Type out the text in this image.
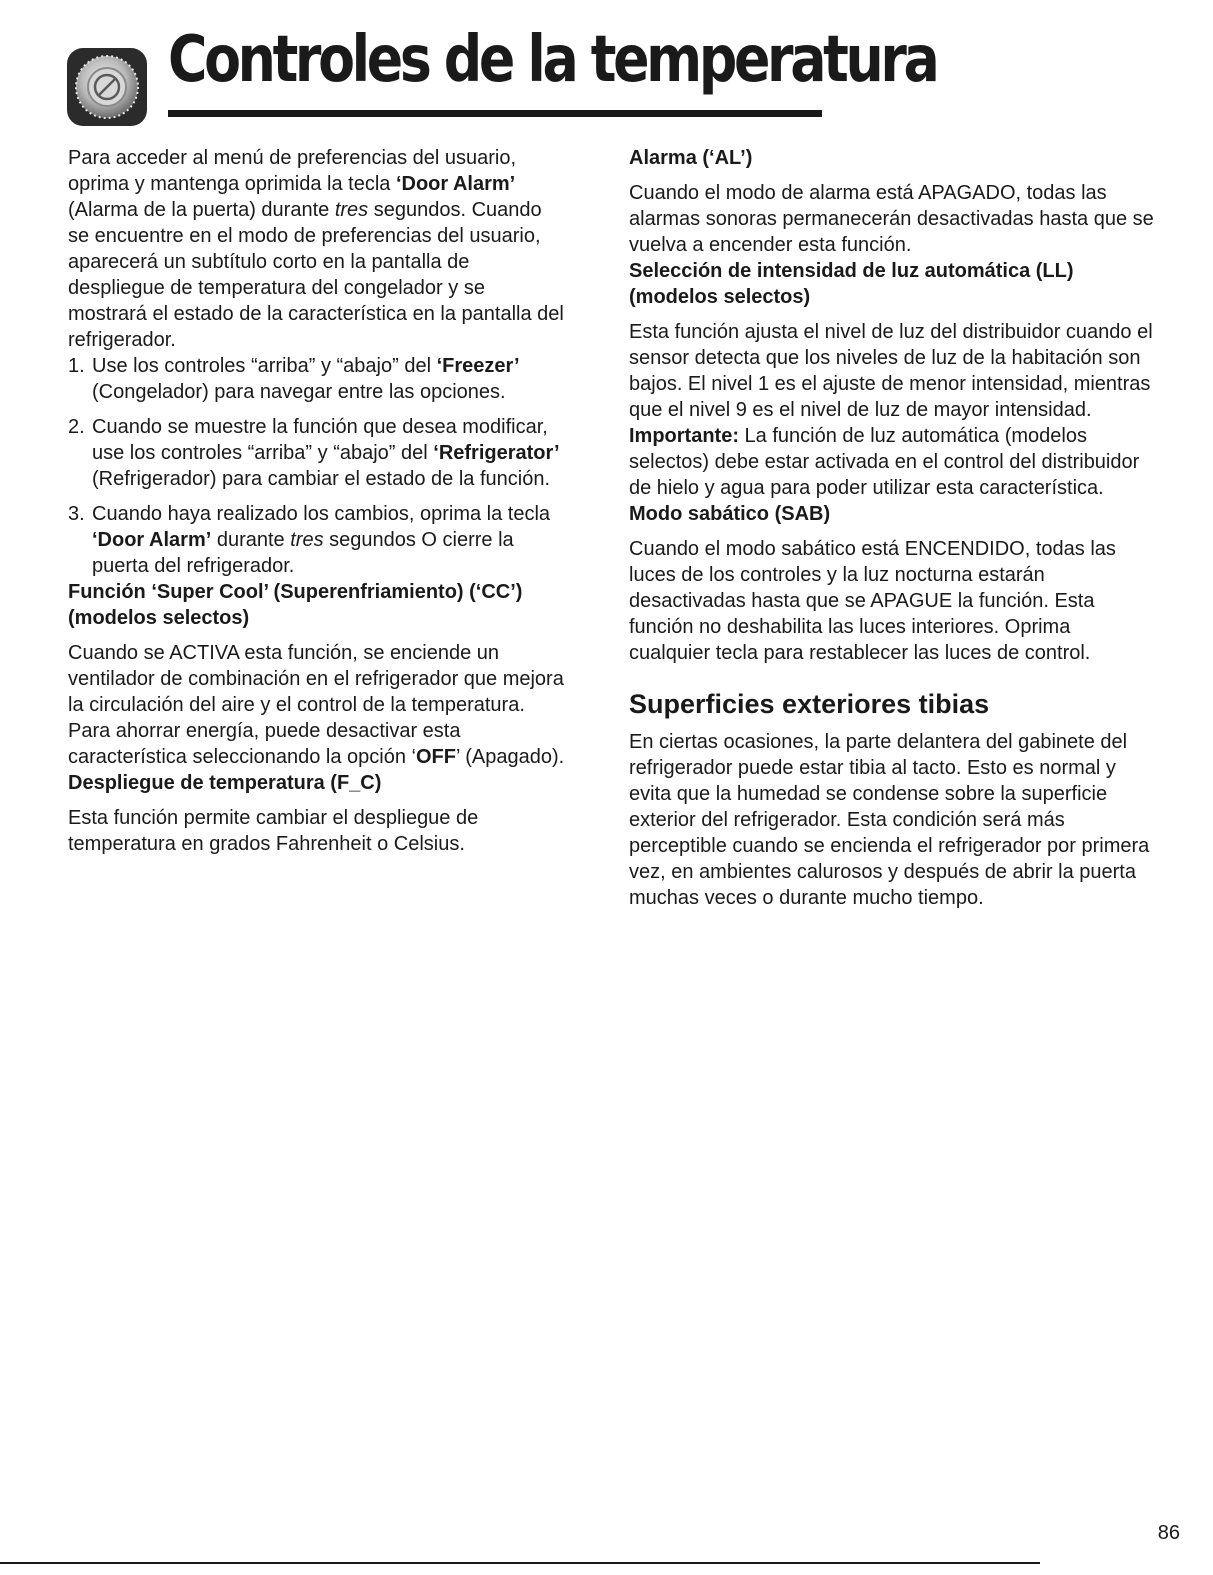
Controles de la temperatura

Para acceder al menú de preferencias del usuario, oprima y mantenga oprimida la tecla ‘Door Alarm’ (Alarma de la puerta) durante tres segundos. Cuando se encuentre en el modo de preferencias del usuario, aparecerá un subtítulo corto en la pantalla de despliegue de temperatura del congelador y se mostrará el estado de la característica en la pantalla del refrigerador.

1. Use los controles “arriba” y “abajo” del ‘Freezer’ (Congelador) para navegar entre las opciones.
2. Cuando se muestre la función que desea modificar, use los controles “arriba” y “abajo” del ‘Refrigerator’ (Refrigerador) para cambiar el estado de la función.
3. Cuando haya realizado los cambios, oprima la tecla ‘Door Alarm’ durante tres segundos O cierre la puerta del refrigerador.
Función ‘Super Cool’ (Superenfriamiento) (‘CC’) (modelos selectos)

Cuando se ACTIVA esta función, se enciende un ventilador de combinación en el refrigerador que mejora la circulación del aire y el control de la temperatura. Para ahorrar energía, puede desactivar esta característica seleccionando la opción ‘OFF’ (Apagado).

Despliegue de temperatura (F_C)

Esta función permite cambiar el despliegue de temperatura en grados Fahrenheit o Celsius.

Alarma (‘AL’)

Cuando el modo de alarma está APAGADO, todas las alarmas sonoras permanecerán desactivadas hasta que se vuelva a encender esta función.

Selección de intensidad de luz automática (LL) (modelos selectos)

Esta función ajusta el nivel de luz del distribuidor cuando el sensor detecta que los niveles de luz de la habitación son bajos. El nivel 1 es el ajuste de menor intensidad, mientras que el nivel 9 es el nivel de luz de mayor intensidad. Importante: La función de luz automática (modelos selectos) debe estar activada en el control del distribuidor de hielo y agua para poder utilizar esta característica.

Modo sabático (SAB)

Cuando el modo sabático está ENCENDIDO, todas las luces de los controles y la luz nocturna estarán desactivadas hasta que se APAGUE la función. Esta función no deshabilita las luces interiores. Oprima cualquier tecla para restablecer las luces de control.

Superficies exteriores tibias

En ciertas ocasiones, la parte delantera del gabinete del refrigerador puede estar tibia al tacto. Esto es normal y evita que la humedad se condense sobre la superficie exterior del refrigerador. Esta condición será más perceptible cuando se encienda el refrigerador por primera vez, en ambientes calurosos y después de abrir la puerta muchas veces o durante mucho tiempo.

86
